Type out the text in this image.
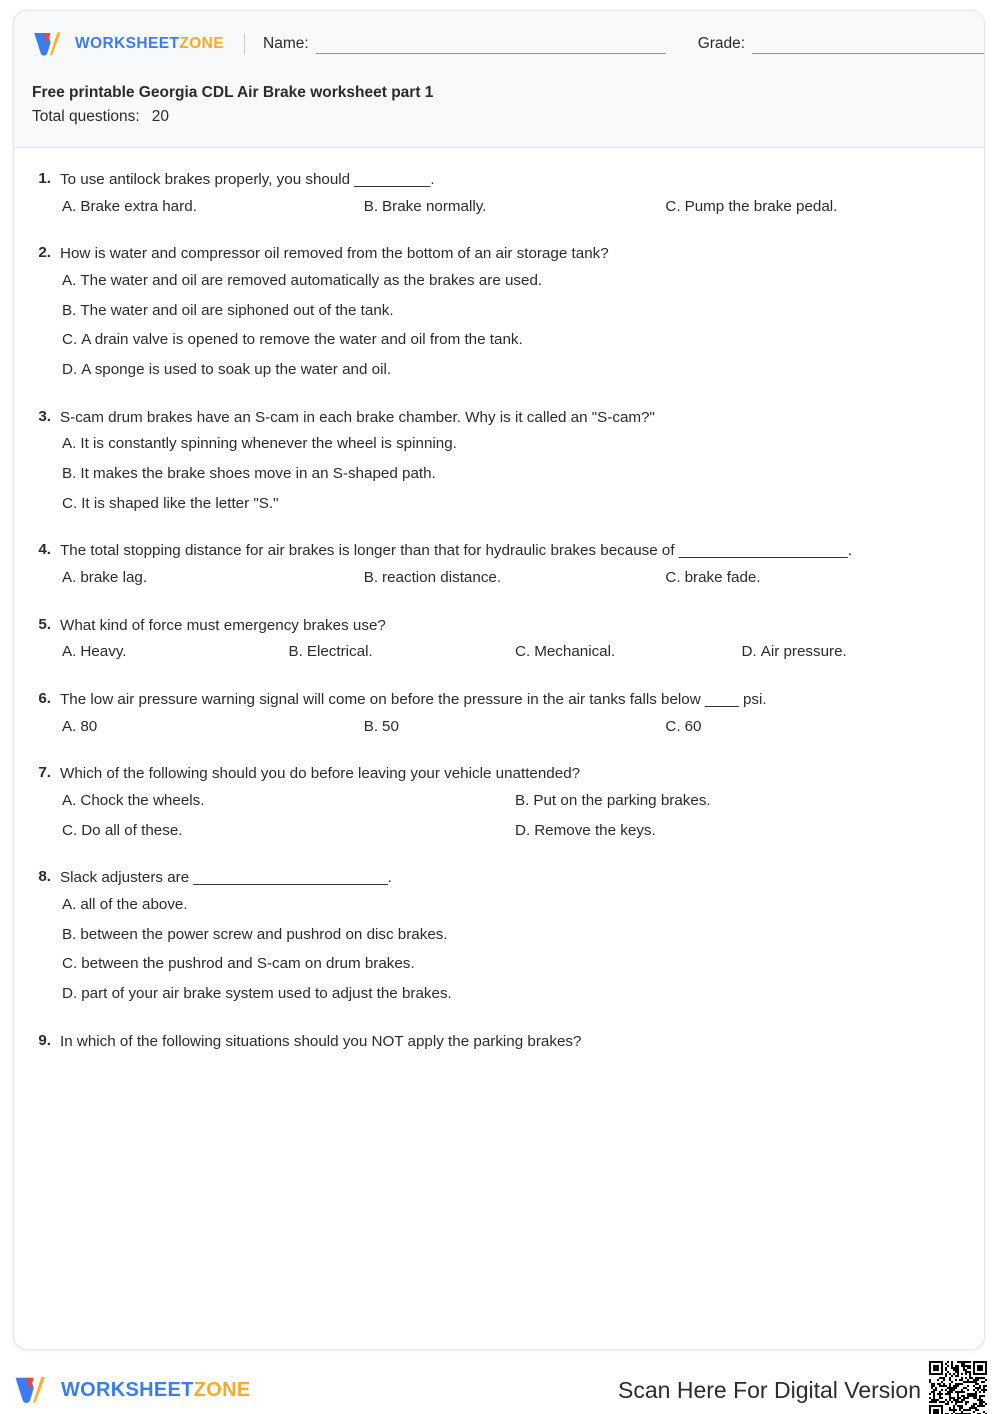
WORKSHEETZONE	Name:	Grade:
Free printable Georgia CDL Air Brake worksheet part 1
Total questions: 20
1. To use antilock brakes properly, you should _________.
A. Brake extra hard.	B. Brake normally.	C. Pump the brake pedal.
2. How is water and compressor oil removed from the bottom of an air storage tank?
A. The water and oil are removed automatically as the brakes are used.
B. The water and oil are siphoned out of the tank.
C. A drain valve is opened to remove the water and oil from the tank.
D. A sponge is used to soak up the water and oil.
3. S-cam drum brakes have an S-cam in each brake chamber. Why is it called an "S-cam?"
A. It is constantly spinning whenever the wheel is spinning.
B. It makes the brake shoes move in an S-shaped path.
C. It is shaped like the letter "S."
4. The total stopping distance for air brakes is longer than that for hydraulic brakes because of ____________________.
A. brake lag.	B. reaction distance.	C. brake fade.
5. What kind of force must emergency brakes use?
A. Heavy.	B. Electrical.	C. Mechanical.	D. Air pressure.
6. The low air pressure warning signal will come on before the pressure in the air tanks falls below ____ psi.
A. 80	B. 50	C. 60
7. Which of the following should you do before leaving your vehicle unattended?
A. Chock the wheels.	B. Put on the parking brakes.
C. Do all of these.	D. Remove the keys.
8. Slack adjusters are _______________________.
A. all of the above.
B. between the power screw and pushrod on disc brakes.
C. between the pushrod and S-cam on drum brakes.
D. part of your air brake system used to adjust the brakes.
9. In which of the following situations should you NOT apply the parking brakes?
WORKSHEETZONE	Scan Here For Digital Version
